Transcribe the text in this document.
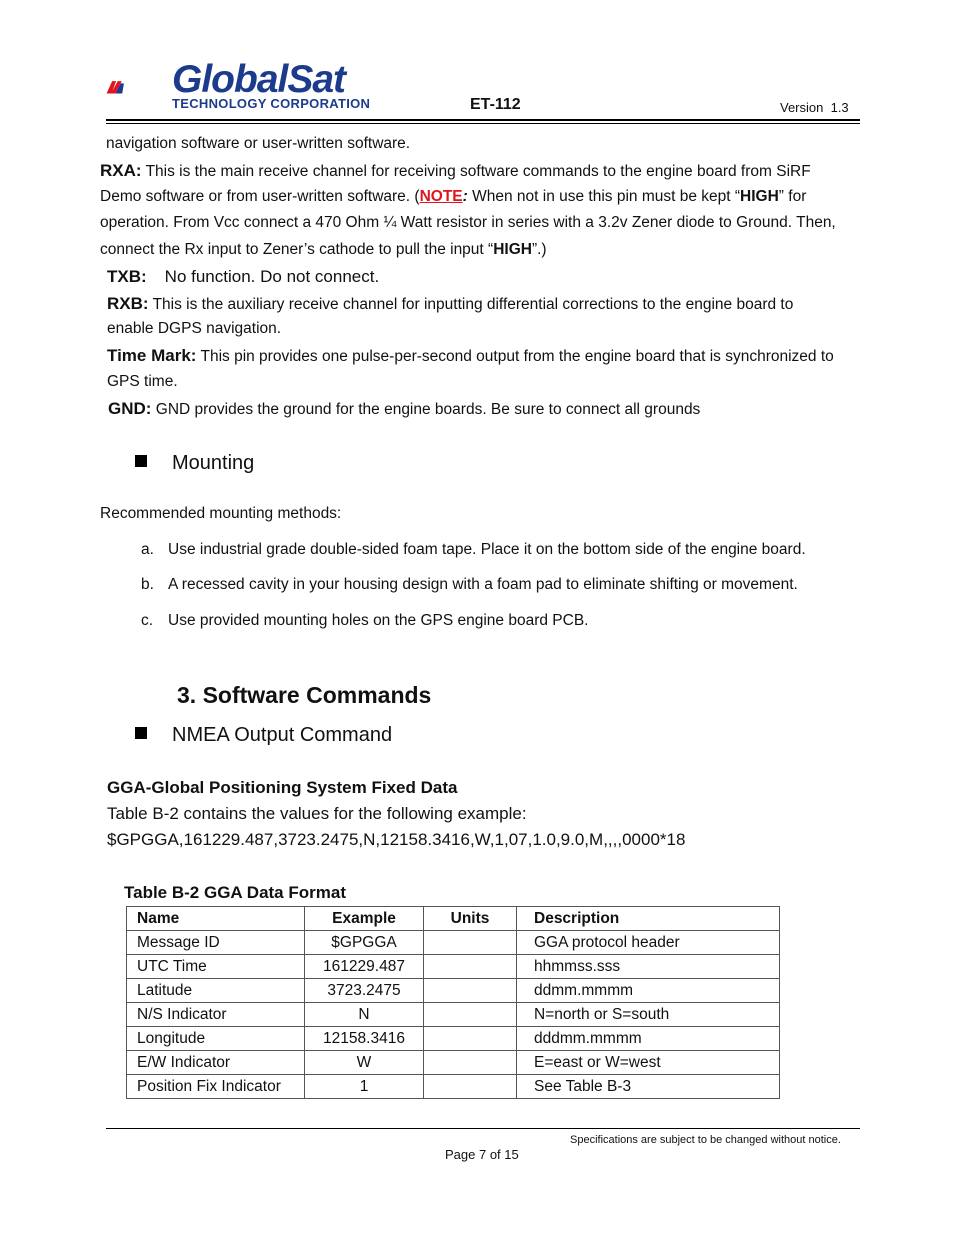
GlobalSat
TECHNOLOGY CORPORATION	ET-112	Version  1.3
navigation software or user-written software.
RXA: This is the main receive channel for receiving software commands to the engine board from SiRF
Demo software or from user-written software. (NOTE: When not in use this pin must be kept “HIGH” for
operation. From Vcc connect a 470 Ohm ¼ Watt resistor in series with a 3.2v Zener diode to Ground. Then,
connect the Rx input to Zener’s cathode to pull the input “HIGH”.)
TXB: No function. Do not connect.
RXB: This is the auxiliary receive channel for inputting differential corrections to the engine board to
enable DGPS navigation.
Time Mark: This pin provides one pulse-per-second output from the engine board that is synchronized to
GPS time.
GND: GND provides the ground for the engine boards. Be sure to connect all grounds
Mounting
Recommended mounting methods:
a. Use industrial grade double-sided foam tape. Place it on the bottom side of the engine board.
b. A recessed cavity in your housing design with a foam pad to eliminate shifting or movement.
c. Use provided mounting holes on the GPS engine board PCB.
3. Software Commands
NMEA Output Command
GGA-Global Positioning System Fixed Data
Table B-2 contains the values for the following example:
$GPGGA,161229.487,3723.2475,N,12158.3416,W,1,07,1.0,9.0,M,,,,0000*18
Table B-2 GGA Data Format
Name	Example	Units	Description
Message ID	$GPGGA		GGA protocol header
UTC Time	161229.487		hhmmss.sss
Latitude	3723.2475		ddmm.mmmm
N/S Indicator	N		N=north or S=south
Longitude	12158.3416		dddmm.mmmm
E/W Indicator	W		E=east or W=west
Position Fix Indicator	1		See Table B-3
Specifications are subject to be changed without notice.
Page 7 of 15
